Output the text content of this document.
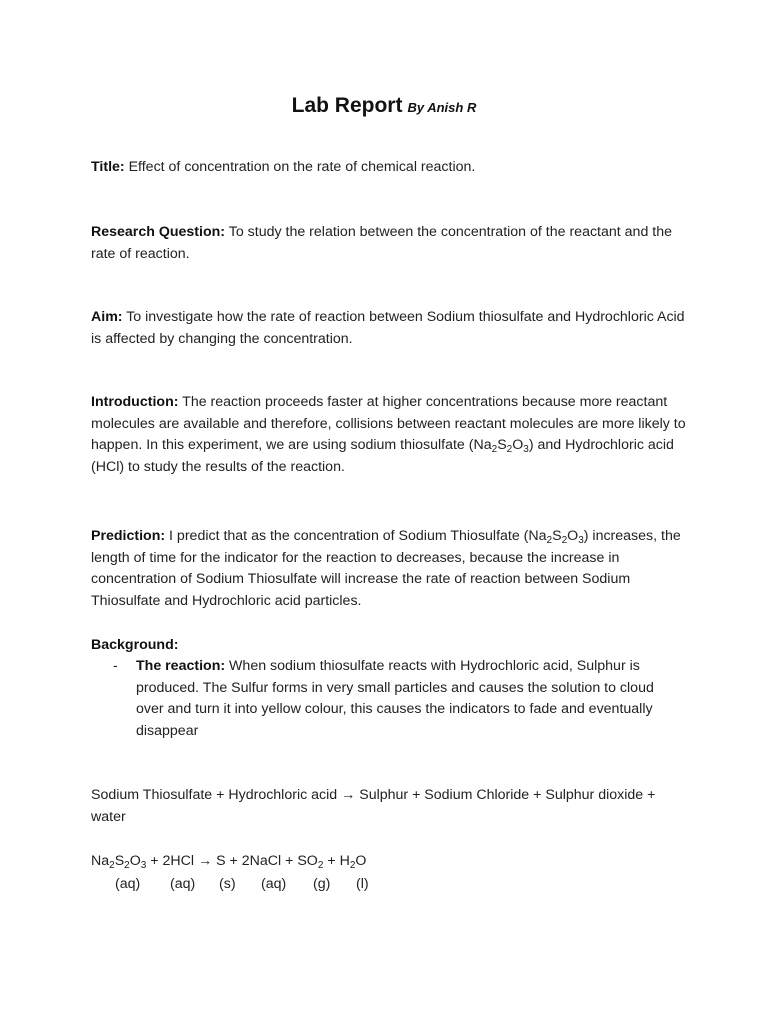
Lab Report By Anish R

Title: Effect of concentration on the rate of chemical reaction.

Research Question: To study the relation between the concentration of the reactant and the rate of reaction.

Aim: To investigate how the rate of reaction between Sodium thiosulfate and Hydrochloric Acid is affected by changing the concentration.

Introduction: The reaction proceeds faster at higher concentrations because more reactant molecules are available and therefore, collisions between reactant molecules are more likely to happen. In this experiment, we are using sodium thiosulfate $(Na_2S_2O_3)$ and Hydrochloric acid (HCl) to study the results of the reaction.

Prediction: I predict that as the concentration of Sodium Thiosulfate $(Na_2S_2O_3)$ increases, the length of time for the indicator for the reaction to decreases, because the increase in concentration of Sodium Thiosulfate will increase the rate of reaction between Sodium Thiosulfate and Hydrochloric acid particles.

Background:

- The reaction: When sodium thiosulfate reacts with Hydrochloric acid, Sulphur is produced. The Sulfur forms in very small particles and causes the solution to cloud over and turn it into yellow colour, this causes the indicators to fade and eventually disappear

Sodium Thiosulfate + Hydrochloric acid → Sulphur + Sodium Chloride + Sulphur dioxide + water

$Na_2S_2O_3 + 2HCl \to S$ + 2NaCl + $SO_2 + H_2O$

(aq) (aq) (s) (aq) (g) (l)
